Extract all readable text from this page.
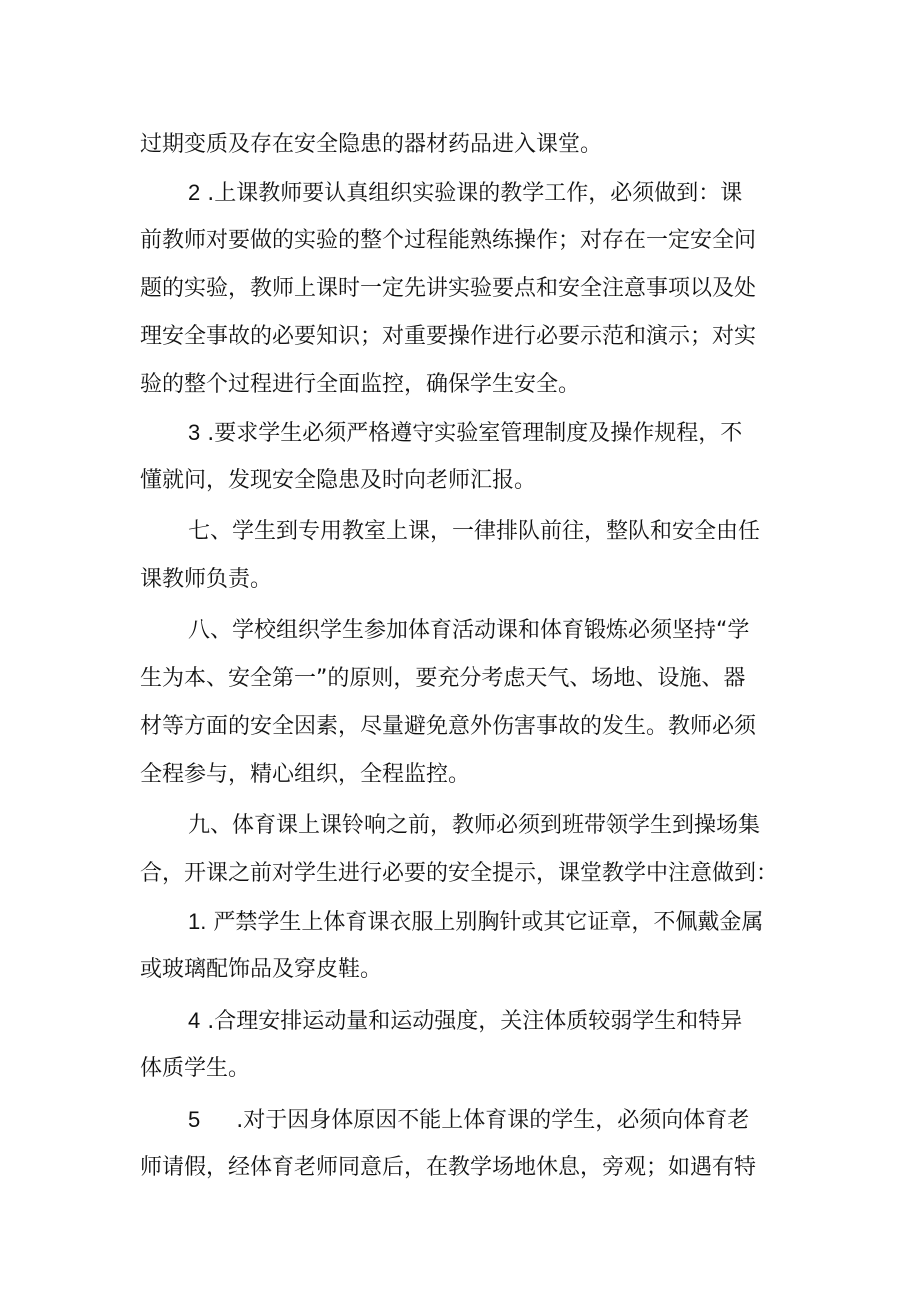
过期变质及存在安全隐患的器材药品进入课堂。
2 .上课教师要认真组织实验课的教学工作，必须做到：课
前教师对要做的实验的整个过程能熟练操作；对存在一定安全问
题的实验，教师上课时一定先讲实验要点和安全注意事项以及处
理安全事故的必要知识；对重要操作进行必要示范和演示；对实
验的整个过程进行全面监控，确保学生安全。
3 .要求学生必须严格遵守实验室管理制度及操作规程，不
懂就问，发现安全隐患及时向老师汇报。
七、学生到专用教室上课，一律排队前往，整队和安全由任
课教师负责。
八、学校组织学生参加体育活动课和体育锻炼必须坚持“学
生为本、安全第一”的原则，要充分考虑天气、场地、设施、器
材等方面的安全因素，尽量避免意外伤害事故的发生。教师必须
全程参与，精心组织，全程监控。
九、体育课上课铃响之前，教师必须到班带领学生到操场集
合，开课之前对学生进行必要的安全提示，课堂教学中注意做到：
1. 严禁学生上体育课衣服上别胸针或其它证章，不佩戴金属
或玻璃配饰品及穿皮鞋。
4 .合理安排运动量和运动强度，关注体质较弱学生和特异
体质学生。
5 .对于因身体原因不能上体育课的学生，必须向体育老
师请假，经体育老师同意后，在教学场地休息，旁观；如遇有特
